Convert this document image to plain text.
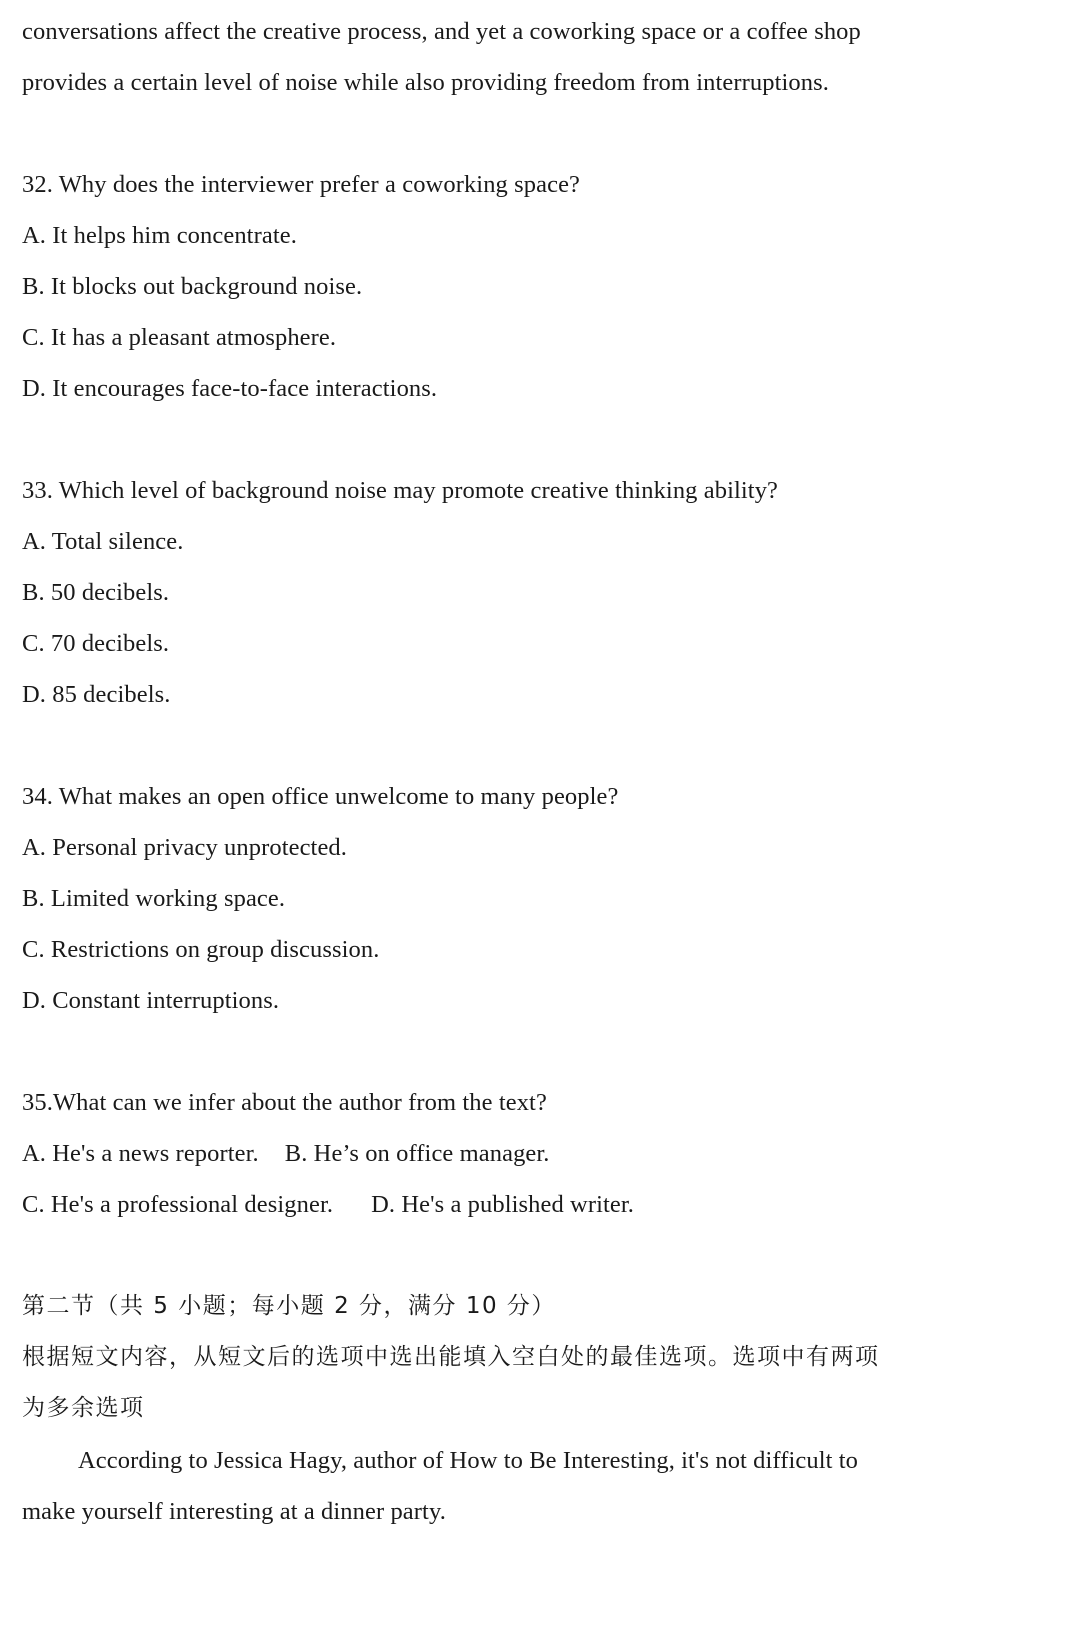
conversations affect the creative process, and yet a coworking space or a coffee shop
provides a certain level of noise while also providing freedom from interruptions.
32. Why does the interviewer prefer a coworking space?
A. It helps him concentrate.
B. It blocks out background noise.
C. It has a pleasant atmosphere.
D. It encourages face-to-face interactions.
33. Which level of background noise may promote creative thinking ability?
A. Total silence.
B. 50 decibels.
C. 70 decibels.
D. 85 decibels.
34. What makes an open office unwelcome to many people?
A. Personal privacy unprotected.
B. Limited working space.
C. Restrictions on group discussion.
D. Constant interruptions.
35.What can we infer about the author from the text?
A. He's a news reporter. B. He’s on office manager.
C. He's a professional designer. D. He's a published writer.
第二节（共 5 小题；每小题 2 分，满分 10 分）
根据短文内容，从短文后的选项中选出能填入空白处的最佳选项。选项中有两项
为多余选项
According to Jessica Hagy, author of How to Be Interesting, it's not difficult to
make yourself interesting at a dinner party.
